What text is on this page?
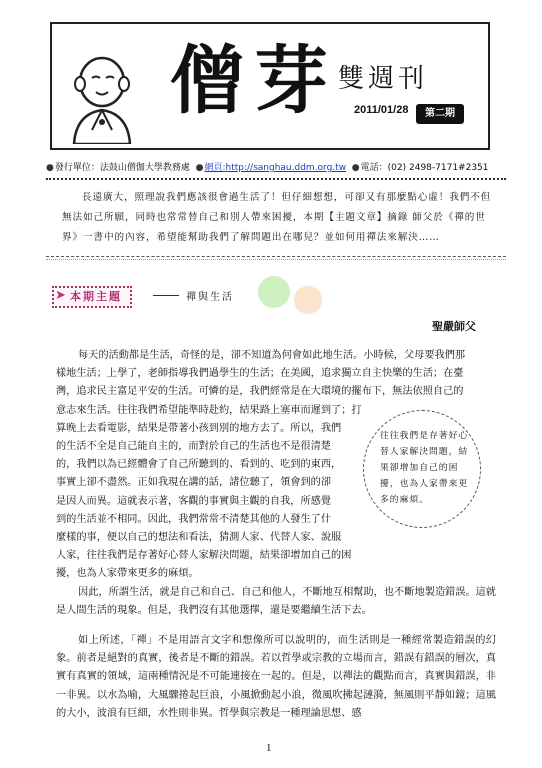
僧芽 雙週刊
2011/01/28	第二期
●發行單位：法鼓山僧伽大學教務處 ●網頁:http://sanghau.ddm.org.tw ●電話：(02) 2498-7171#2351
長遠廣大，照理說我們應該很會過生活了！但仔細想想，可卻又有那麼點心虛！我們不但無法如己所願，同時也常常替自己和別人帶來困擾，本期【主題文章】摘錄 師父於《禪的世界》一書中的內容，希望能幫助我們了解問題出在哪兒？並如何用禪法來解決……
➤ 本期主題	禪與生活
聖嚴師父
每天的活動都是生活，奇怪的是，卻不知道為何會如此地生活。小時候，父母要我們那
樣地生活；上學了，老師指導我們過學生的生活；在美國，追求獨立自主快樂的生活；在臺
灣，追求民主富足平安的生活。可憐的是，我們經常是在大環境的擺布下，無法依照自己的
意志來生活。往往我們希望能準時赴約，結果路上塞車而遲到了；打
算晚上去看電影，結果是帶著小孩到別的地方去了。所以，我們
的生活不全是自己能自主的，而對於自己的生活也不是很清楚
的，我們以為已經體會了自己所聽到的、看到的、吃到的東西，
事實上卻不盡然。正如我現在講的話，諸位聽了，領會到的卻
是因人而異。這就表示著，客觀的事實與主觀的自我，所感覺
到的生活並不相同。因此，我們常常不清楚其他的人發生了什
麼樣的事，便以自己的想法和看法，猜測人家、代替人家、說服
人家，往往我們是存著好心替人家解決問題，結果卻增加自己的困
擾，也為人家帶來更多的麻煩。
往往我們是存著好心替人家解決問題，結果卻增加自己的困擾，也為人家帶來更多的麻煩。
因此，所謂生活，就是自己和自己、自己和他人，不斷地互相幫助，也不斷地製造錯誤。這就是人間生活的現象。但是，我們沒有其他選擇，還是要繼續生活下去。
如上所述，「禪」不是用語言文字和想像所可以說明的，而生活則是一種經常製造錯誤的幻象。前者是絕對的真實，後者是不斷的錯誤。若以哲學或宗教的立場而言，錯誤有錯誤的層次，真實有真實的領域，這兩種情況是不可能連接在一起的。但是，以禪法的觀點而言，真實與錯誤，非一非異。以水為喻，大風驟捲起巨浪，小風掀動起小浪，微風吹拂起漣漪，無風則平靜如鏡；這風的大小，波浪有巨細，水性則非異。哲學與宗教是一種理論思想、感
1
